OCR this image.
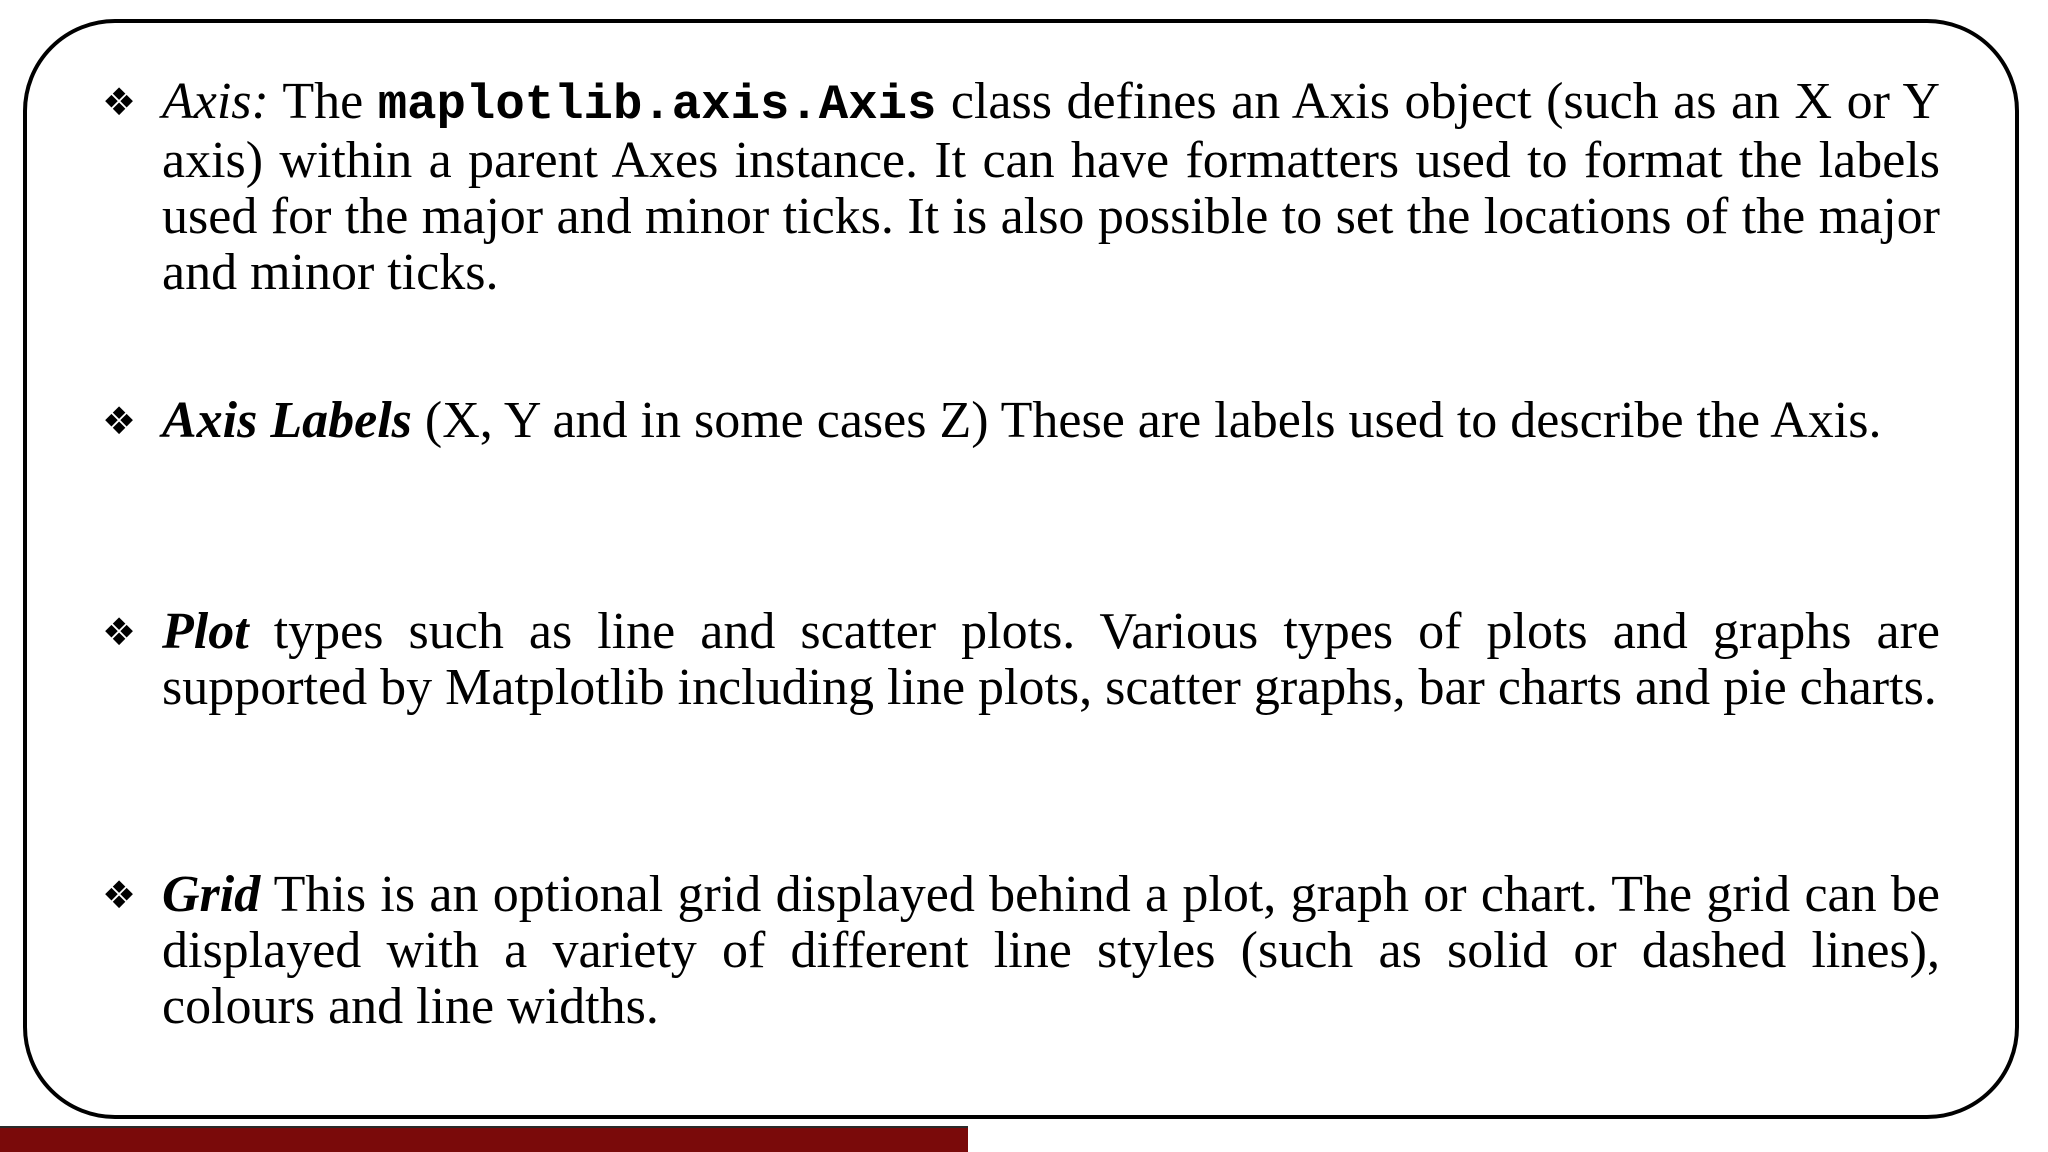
❖ Axis: The maplotlib.axis.Axis class defines an Axis object (such as an X or Y axis) within a parent Axes instance. It can have formatters used to format the labels used for the major and minor ticks. It is also possible to set the locations of the major and minor ticks.
❖ Axis Labels (X, Y and in some cases Z) These are labels used to describe the Axis.
❖ Plot types such as line and scatter plots. Various types of plots and graphs are supported by Matplotlib including line plots, scatter graphs, bar charts and pie charts.
❖ Grid This is an optional grid displayed behind a plot, graph or chart. The grid can be displayed with a variety of different line styles (such as solid or dashed lines), colours and line widths.
